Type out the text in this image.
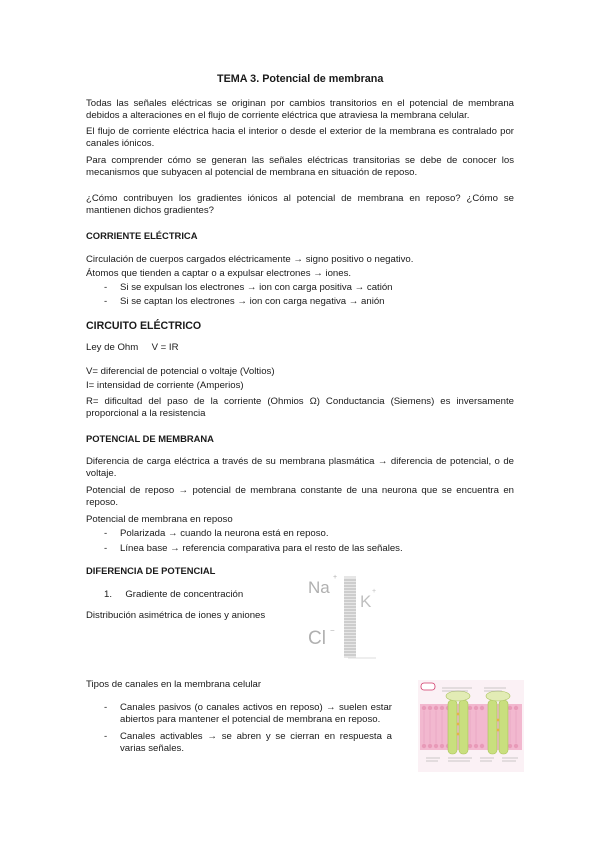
TEMA 3. Potencial de membrana
Todas las señales eléctricas se originan por cambios transitorios en el potencial de membrana debidos a alteraciones en el flujo de corriente eléctrica que atraviesa la membrana celular.
El flujo de corriente eléctrica hacia el interior o desde el exterior de la membrana es contralado por canales iónicos.
Para comprender cómo se generan las señales eléctricas transitorias se debe de conocer los mecanismos que subyacen al potencial de membrana en situación de reposo.
¿Cómo contribuyen los gradientes iónicos al potencial de membrana en reposo? ¿Cómo se mantienen dichos gradientes?
CORRIENTE ELÉCTRICA
Circulación de cuerpos cargados eléctricamente → signo positivo o negativo.
Átomos que tienden a captar o a expulsar electrones → iones.
- Si se expulsan los electrones → ion con carga positiva → catión
- Si se captan los electrones → ion con carga negativa → anión
CIRCUITO ELÉCTRICO
Ley de Ohm     V = IR
V= diferencial de potencial o voltaje (Voltios)
I= intensidad de corriente (Amperios)
R= dificultad del paso de la corriente (Ohmios Ω) Conductancia (Siemens) es inversamente proporcional a la resistencia
POTENCIAL DE MEMBRANA
Diferencia de carga eléctrica a través de su membrana plasmática → diferencia de potencial, o de voltaje.
Potencial de reposo → potencial de membrana constante de una neurona que se encuentra en reposo.
Potencial de membrana en reposo
- Polarizada → cuando la neurona está en reposo.
- Línea base → referencia comparativa para el resto de las señales.
DIFERENCIA DE POTENCIAL
1.     Gradiente de concentración
Distribución asimétrica de iones y aniones
Na
+
K
+
Cl −
Tipos de canales en la membrana celular
- Canales pasivos (o canales activos en reposo) → suelen estar abiertos para mantener el potencial de membrana en reposo.
- Canales activables → se abren y se cierran en respuesta a varias señales.
